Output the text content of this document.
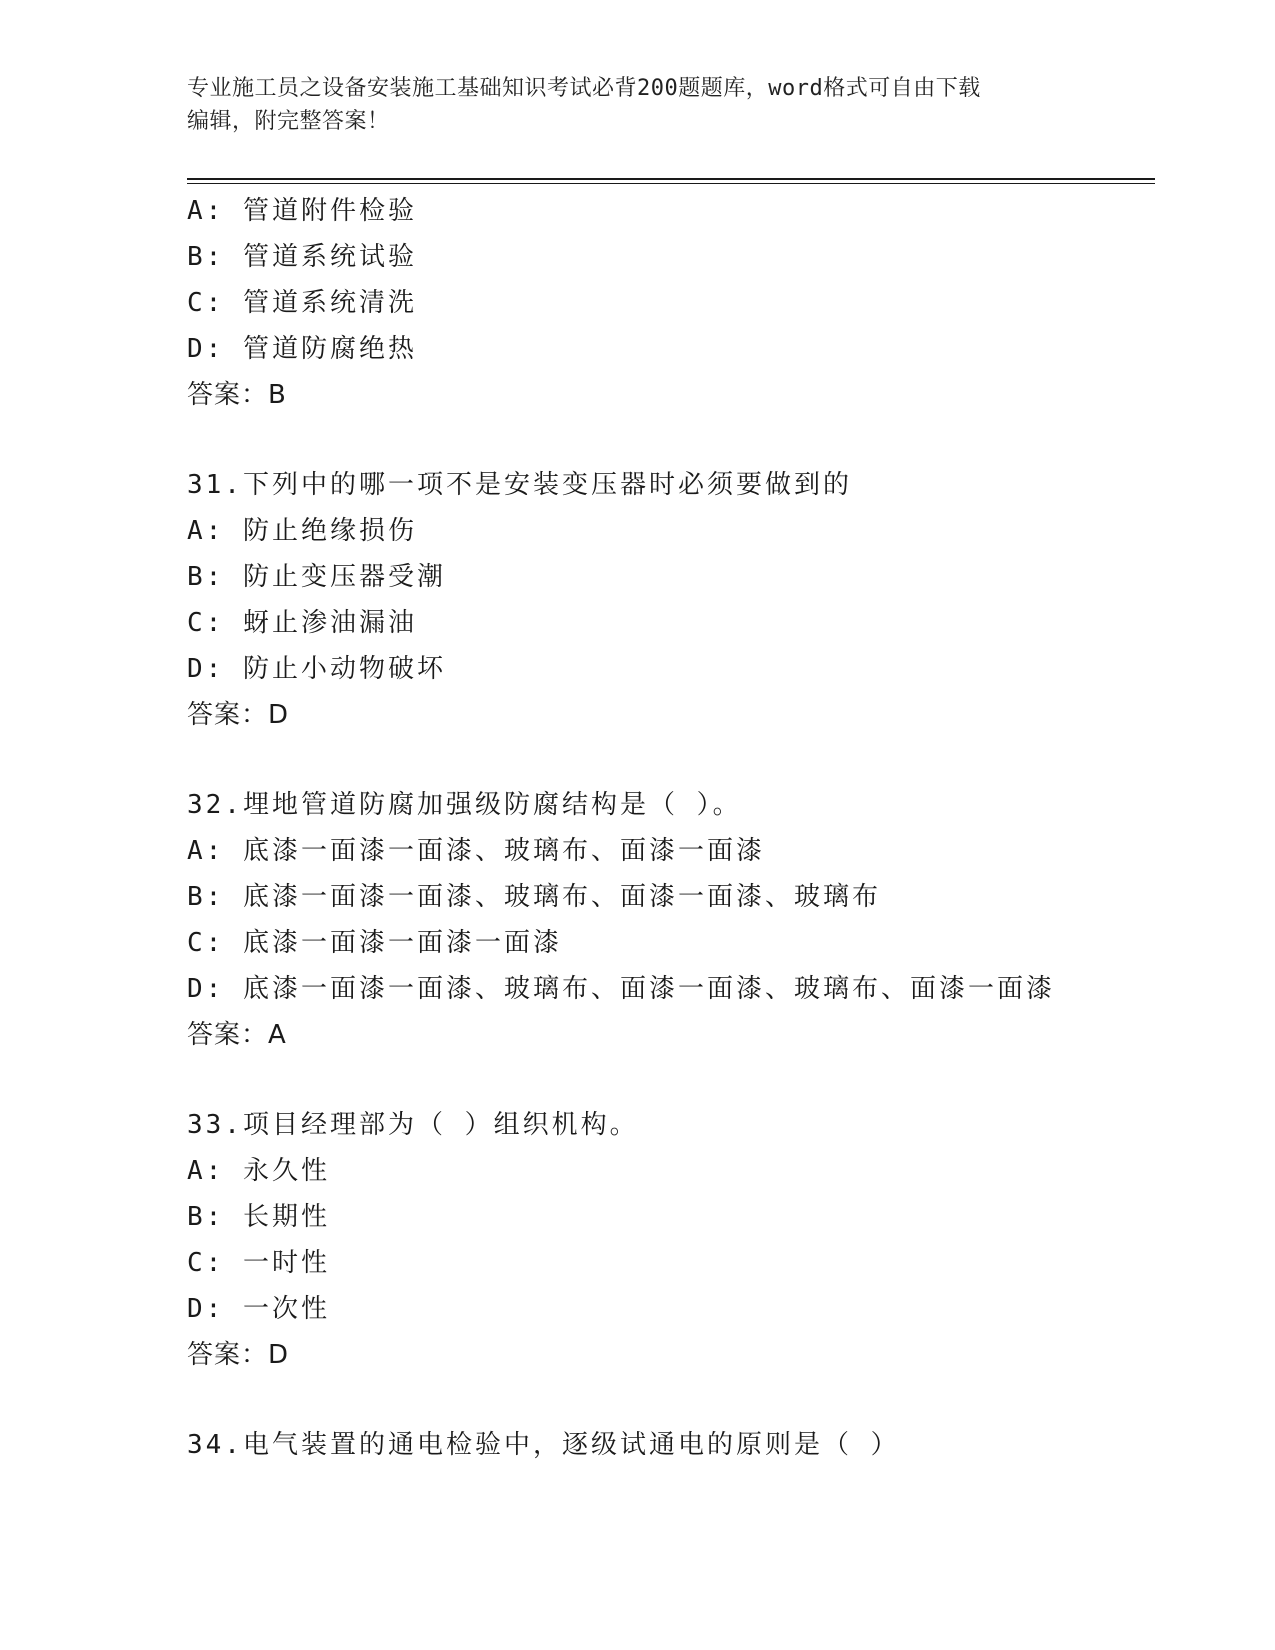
专业施工员之设备安装施工基础知识考试必背200题题库，word格式可自由下载
编辑，附完整答案！
A: 管道附件检验
B: 管道系统试验
C: 管道系统清洗
D: 管道防腐绝热
答案：B
31.下列中的哪一项不是安装变压器时必须要做到的
A: 防止绝缘损伤
B: 防止变压器受潮
C: 蚜止渗油漏油
D: 防止小动物破坏
答案：D
32.埋地管道防腐加强级防腐结构是（ ）。
A: 底漆一面漆一面漆、玻璃布、面漆一面漆
B: 底漆一面漆一面漆、玻璃布、面漆一面漆、玻璃布
C: 底漆一面漆一面漆一面漆
D: 底漆一面漆一面漆、玻璃布、面漆一面漆、玻璃布、面漆一面漆
答案：A
33.项目经理部为（ ）组织机构。
A: 永久性
B: 长期性
C: 一时性
D: 一次性
答案：D
34.电气装置的通电检验中，逐级试通电的原则是（ ）
